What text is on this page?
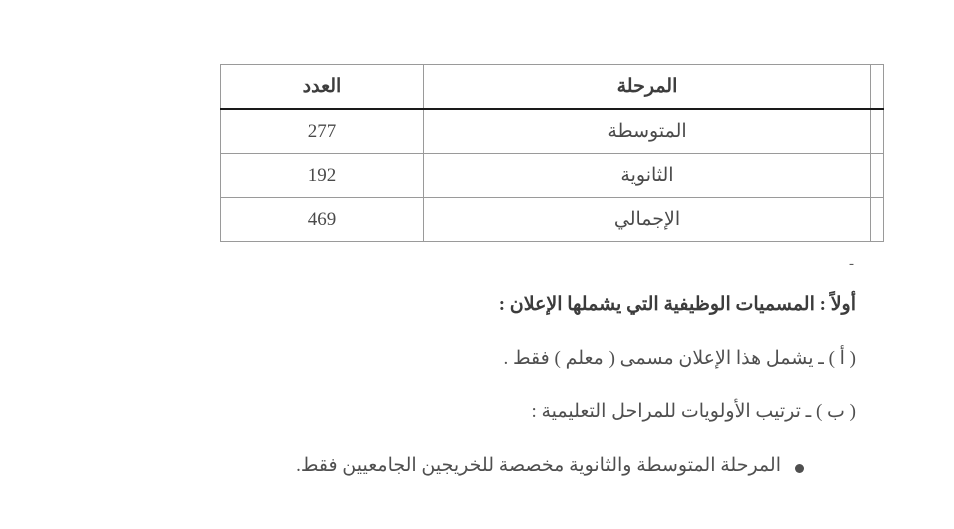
	المرحلة	العدد
	المتوسطة	277
	الثانوية	192
	الإجمالي	469
-

أولاً : المسميات الوظيفية التي يشملها الإعلان :

( أ ) ـ يشمل هذا الإعلان مسمى ( معلم ) فقط .

( ب ) ـ ترتيب الأولويات للمراحل التعليمية :

المرحلة المتوسطة والثانوية مخصصة للخريجين الجامعيين فقط.
